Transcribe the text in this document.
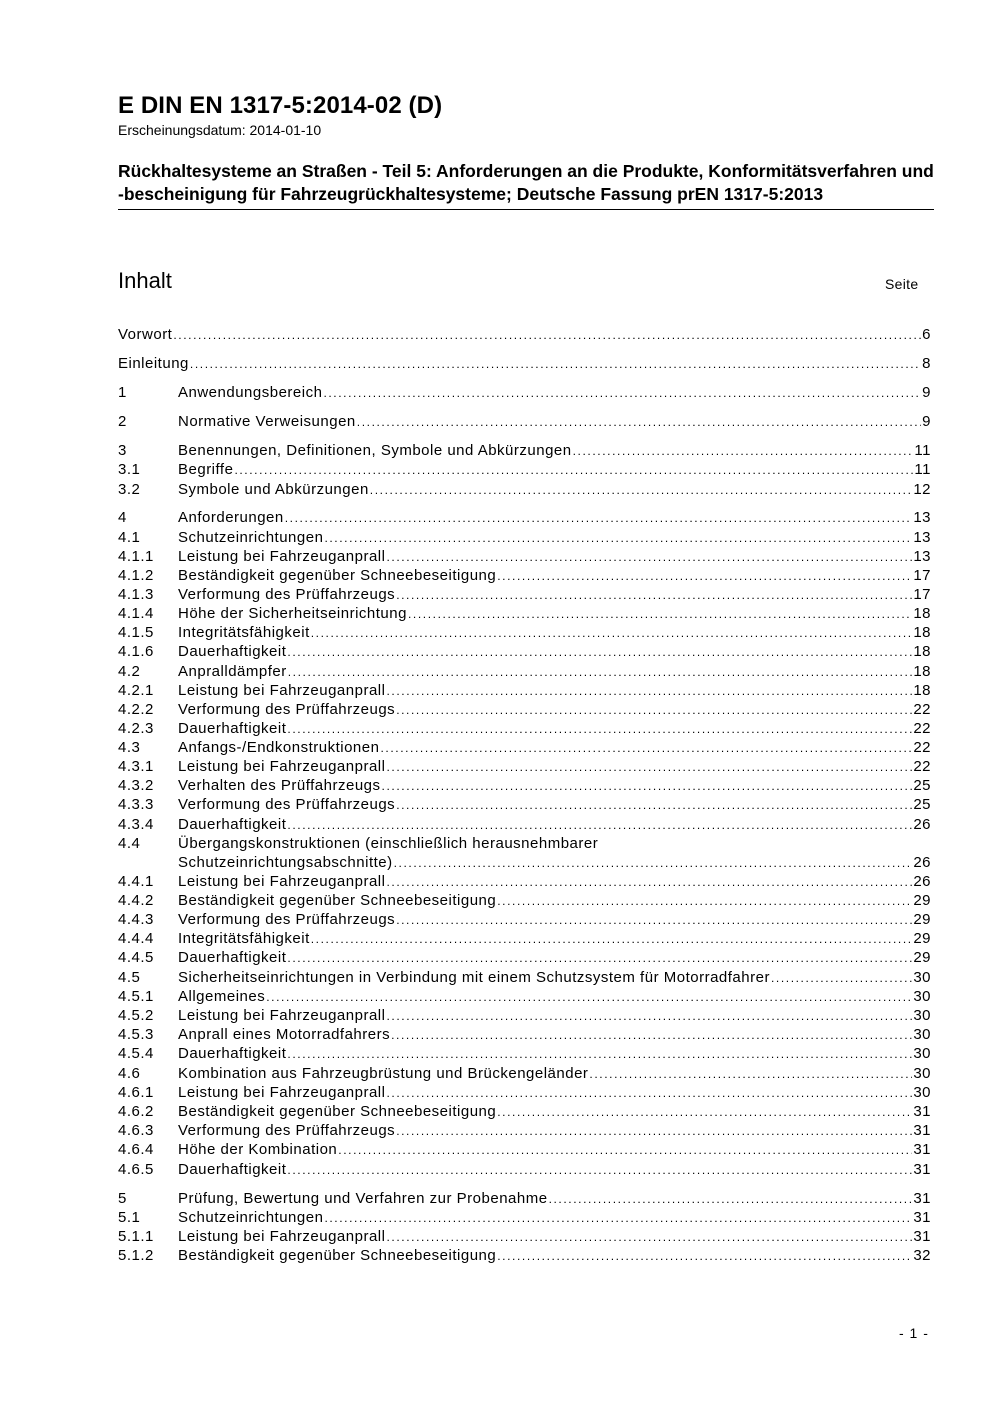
E DIN EN 1317-5:2014-02 (D)
Erscheinungsdatum: 2014-01-10
Rückhaltesysteme an Straßen - Teil 5: Anforderungen an die Produkte, Konformitätsverfahren und -bescheinigung für Fahrzeugrückhaltesysteme; Deutsche Fassung prEN 1317-5:2013
Inhalt	Seite
Vorwort .....	6
Einleitung .....	8
1	Anwendungsbereich .....	9
2	Normative Verweisungen .....	9
3	Benennungen, Definitionen, Symbole und Abkürzungen .....	11
3.1	Begriffe .....	11
3.2	Symbole und Abkürzungen .....	12
4	Anforderungen .....	13
4.1	Schutzeinrichtungen .....	13
4.1.1 Leistung bei Fahrzeuganprall .....	13
4.1.2 Beständigkeit gegenüber Schneebeseitigung .....	17
4.1.3 Verformung des Prüffahrzeugs .....	17
4.1.4 Höhe der Sicherheitseinrichtung .....	18
4.1.5 Integritätsfähigkeit .....	18
4.1.6 Dauerhaftigkeit .....	18
4.2	Anpralldämpfer .....	18
4.2.1 Leistung bei Fahrzeuganprall .....	18
4.2.2 Verformung des Prüffahrzeugs .....	22
4.2.3 Dauerhaftigkeit .....	22
4.3	Anfangs-/Endkonstruktionen .....	22
4.3.1 Leistung bei Fahrzeuganprall .....	22
4.3.2 Verhalten des Prüffahrzeugs .....	25
4.3.3 Verformung des Prüffahrzeugs .....	25
4.3.4 Dauerhaftigkeit .....	26
4.4	Übergangskonstruktionen (einschließlich herausnehmbarer
Schutzeinrichtungsabschnitte) .....	26
4.4.1 Leistung bei Fahrzeuganprall .....	26
4.4.2 Beständigkeit gegenüber Schneebeseitigung .....	29
4.4.3 Verformung des Prüffahrzeugs .....	29
4.4.4 Integritätsfähigkeit .....	29
4.4.5 Dauerhaftigkeit .....	29
4.5	Sicherheitseinrichtungen in Verbindung mit einem Schutzsystem für Motorradfahrer .....	30
4.5.1 Allgemeines .....	30
4.5.2 Leistung bei Fahrzeuganprall .....	30
4.5.3 Anprall eines Motorradfahrers .....	30
4.5.4 Dauerhaftigkeit .....	30
4.6	Kombination aus Fahrzeugbrüstung und Brückengeländer .....	30
4.6.1 Leistung bei Fahrzeuganprall .....	30
4.6.2 Beständigkeit gegenüber Schneebeseitigung .....	31
4.6.3 Verformung des Prüffahrzeugs .....	31
4.6.4 Höhe der Kombination .....	31
4.6.5 Dauerhaftigkeit .....	31
5	Prüfung, Bewertung und Verfahren zur Probenahme .....	31
5.1	Schutzeinrichtungen .....	31
5.1.1 Leistung bei Fahrzeuganprall .....	31
5.1.2 Beständigkeit gegenüber Schneebeseitigung .....	32
- 1 -
